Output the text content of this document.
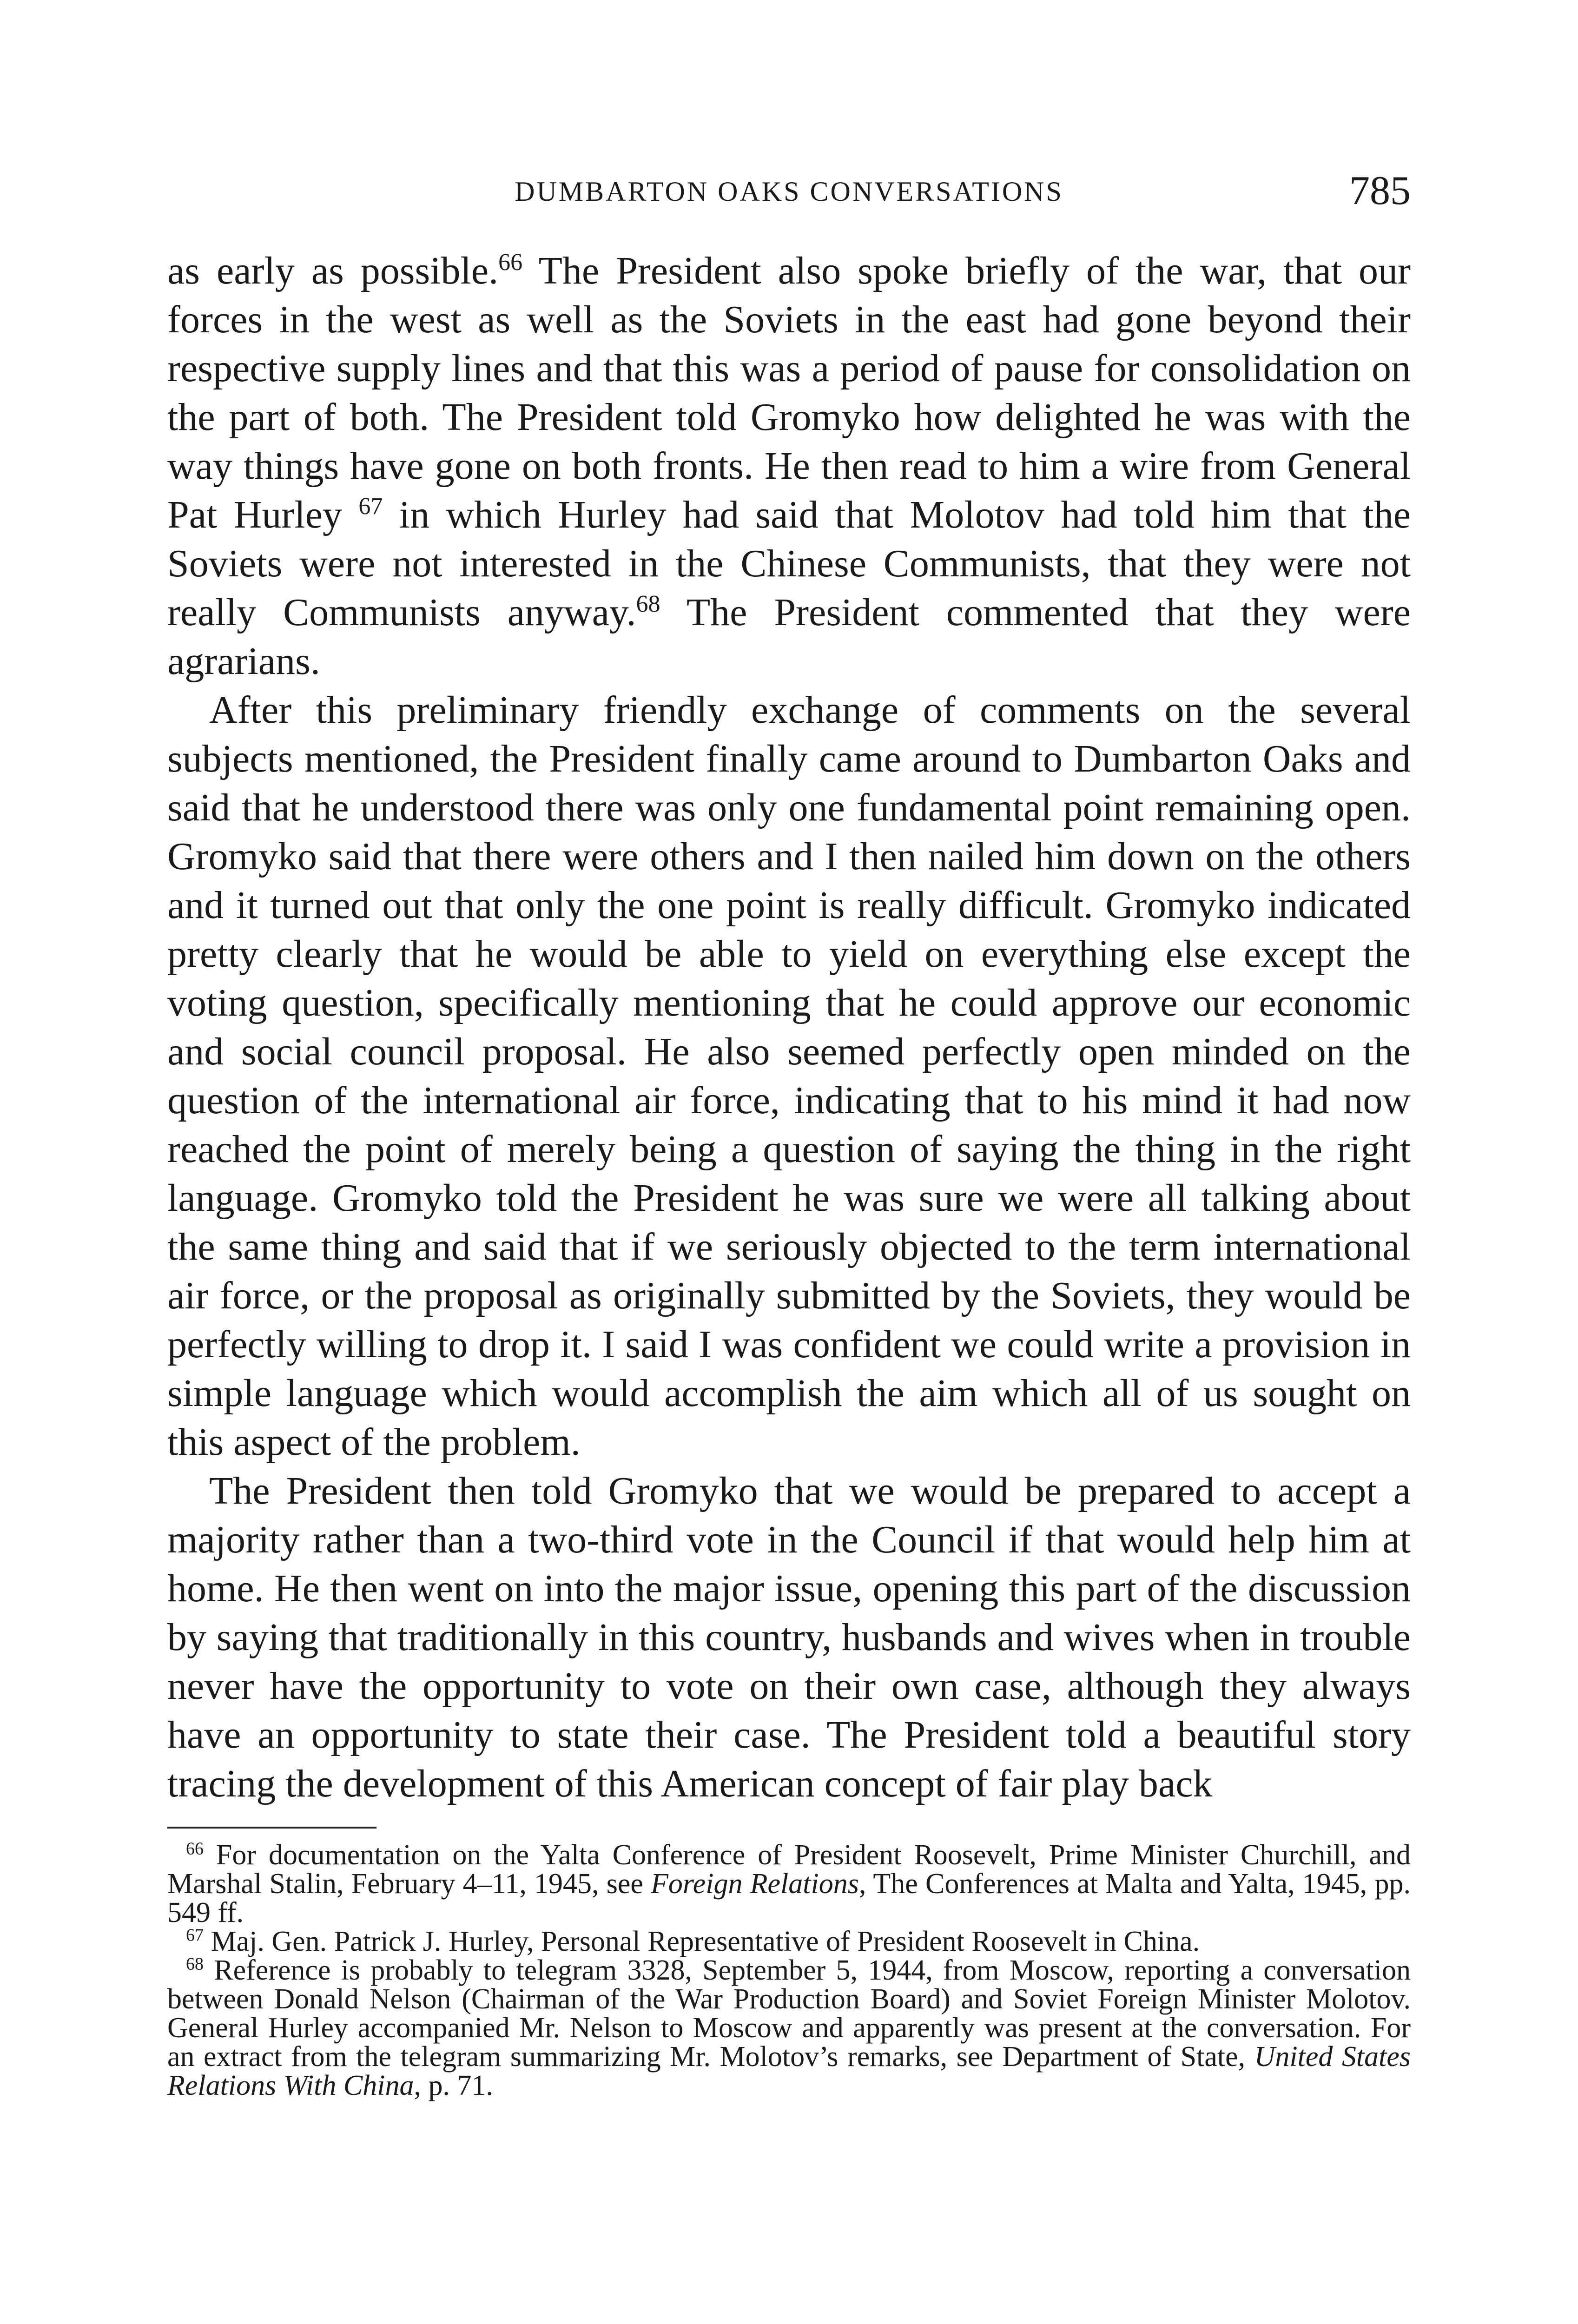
DUMBARTON OAKS CONVERSATIONS	785

as early as possible.$^{66}$ The President also spoke briefly of the war, that our forces in the west as well as the Soviets in the east had gone beyond their respective supply lines and that this was a period of pause for consolidation on the part of both. The President told Gromyko how delighted he was with the way things have gone on both fronts. He then read to him a wire from General Pat Hurley $^{67}$ in which Hurley had said that Molotov had told him that the Soviets were not interested in the Chinese Communists, that they were not really Communists anyway.$^{68}$ The President commented that they were agrarians.

After this preliminary friendly exchange of comments on the several subjects mentioned, the President finally came around to Dumbarton Oaks and said that he understood there was only one fundamental point remaining open. Gromyko said that there were others and I then nailed him down on the others and it turned out that only the one point is really difficult. Gromyko indicated pretty clearly that he would be able to yield on everything else except the voting question, specifically mentioning that he could approve our economic and social council proposal. He also seemed perfectly open minded on the question of the international air force, indicating that to his mind it had now reached the point of merely being a question of saying the thing in the right language. Gromyko told the President he was sure we were all talking about the same thing and said that if we seriously objected to the term international air force, or the proposal as originally submitted by the Soviets, they would be perfectly willing to drop it. I said I was confident we could write a provision in simple language which would accomplish the aim which all of us sought on this aspect of the problem.

The President then told Gromyko that we would be prepared to accept a majority rather than a two-third vote in the Council if that would help him at home. He then went on into the major issue, opening this part of the discussion by saying that traditionally in this country, husbands and wives when in trouble never have the opportunity to vote on their own case, although they always have an opportunity to state their case. The President told a beautiful story tracing the development of this American concept of fair play back

$^{66}$ For documentation on the Yalta Conference of President Roosevelt, Prime Minister Churchill, and Marshal Stalin, February 4–11, 1945, see Foreign Relations, The Conferences at Malta and Yalta, 1945, pp. 549 ff.

$^{67}$ Maj. Gen. Patrick J. Hurley, Personal Representative of President Roosevelt in China.

$^{68}$ Reference is probably to telegram 3328, September 5, 1944, from Moscow, reporting a conversation between Donald Nelson (Chairman of the War Production Board) and Soviet Foreign Minister Molotov. General Hurley accompanied Mr. Nelson to Moscow and apparently was present at the conversation. For an extract from the telegram summarizing Mr. Molotov’s remarks, see Department of State, United States Relations With China, p. 71.
